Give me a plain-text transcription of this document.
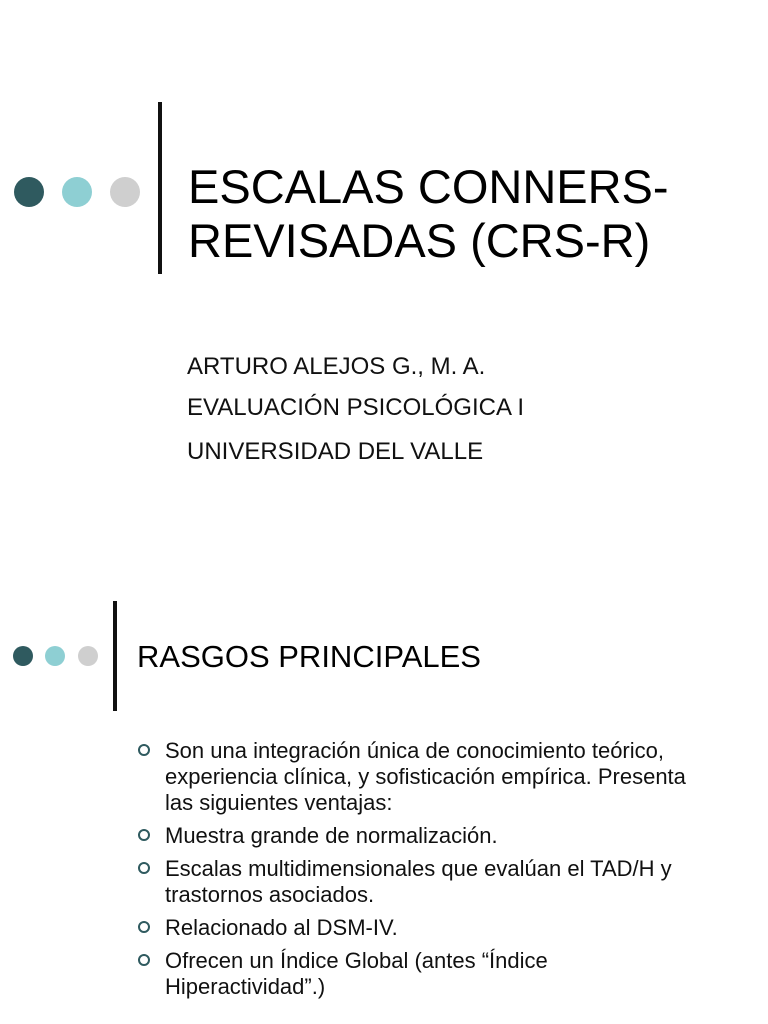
ESCALAS CONNERS-
REVISADAS (CRS-R)
ARTURO ALEJOS G., M. A.
EVALUACIÓN PSICOLÓGICA I
UNIVERSIDAD DEL VALLE
RASGOS PRINCIPALES
Son una integración única de conocimiento teórico, experiencia clínica, y sofisticación empírica. Presenta las siguientes ventajas:
Muestra grande de normalización.
Escalas multidimensionales que evalúan el TAD/H y trastornos asociados.
Relacionado al DSM-IV.
Ofrecen un Índice Global (antes “Índice Hiperactividad”.)
